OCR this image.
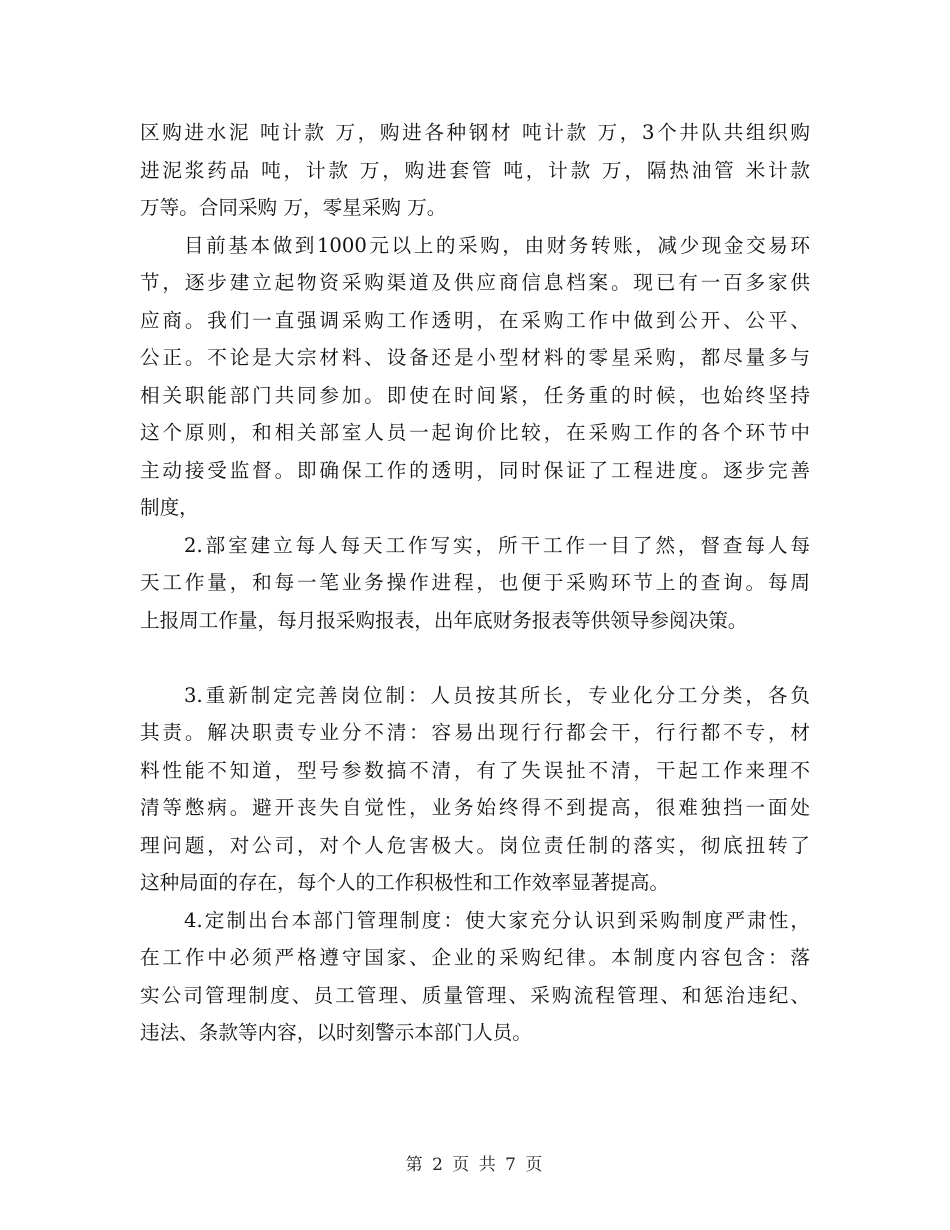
区购进水泥 吨计款 万，购进各种钢材 吨计款 万，3个井队共组织购
进泥浆药品 吨，计款 万，购进套管 吨，计款 万，隔热油管 米计款
万等。合同采购 万，零星采购 万。
目前基本做到1000元以上的采购，由财务转账，减少现金交易环
节，逐步建立起物资采购渠道及供应商信息档案。现已有一百多家供
应商。我们一直强调采购工作透明，在采购工作中做到公开、公平、
公正。不论是大宗材料、设备还是小型材料的零星采购，都尽量多与
相关职能部门共同参加。即使在时间紧，任务重的时候，也始终坚持
这个原则，和相关部室人员一起询价比较，在采购工作的各个环节中
主动接受监督。即确保工作的透明，同时保证了工程进度。逐步完善
制度，
2.部室建立每人每天工作写实，所干工作一目了然，督查每人每
天工作量，和每一笔业务操作进程，也便于采购环节上的查询。每周
上报周工作量，每月报采购报表，出年底财务报表等供领导参阅决策。
3.重新制定完善岗位制：人员按其所长，专业化分工分类，各负
其责。解决职责专业分不清：容易出现行行都会干，行行都不专，材
料性能不知道，型号参数搞不清，有了失误扯不清，干起工作来理不
清等憋病。避开丧失自觉性，业务始终得不到提高，很难独挡一面处
理问题，对公司，对个人危害极大。岗位责任制的落实，彻底扭转了
这种局面的存在，每个人的工作积极性和工作效率显著提高。
4.定制出台本部门管理制度：使大家充分认识到采购制度严肃性，
在工作中必须严格遵守国家、企业的采购纪律。本制度内容包含：落
实公司管理制度、员工管理、质量管理、采购流程管理、和惩治违纪、
违法、条款等内容，以时刻警示本部门人员。
第 2 页 共 7 页
